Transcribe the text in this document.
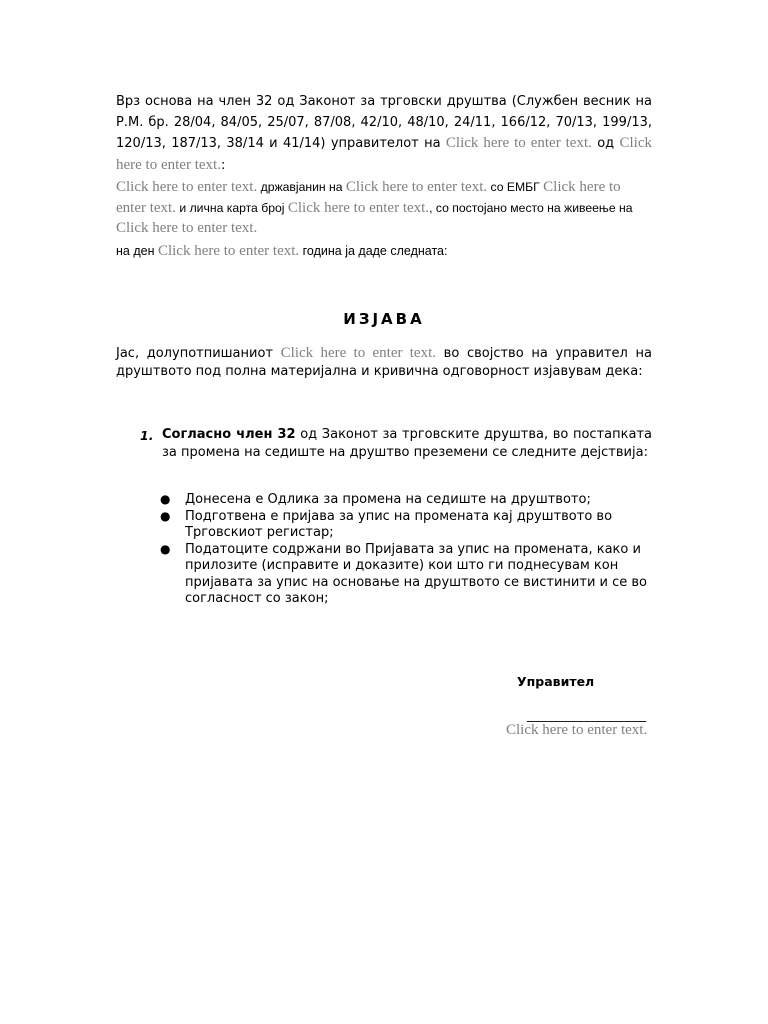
Врз основа на член 32 од Законот за трговски друштва (Службен весник на Р.М. бр. 28/04, 84/05, 25/07, 87/08, 42/10, 48/10, 24/11, 166/12, 70/13, 199/13, 120/13, 187/13, 38/14 и 41/14) управителот на Click here to enter text. од Click here to enter text.:
Click here to enter text. државјанин на Click here to enter text. со ЕМБГ Click here to enter text. и лична карта број Click here to enter text., со постојано место на живеење на Click here to enter text.
на ден Click here to enter text. година ја даде следната:
ИЗЈАВА
Јас, долупотпишаниот Click here to enter text. во својство на управител на друштвото под полна материјална и кривична одговорност изјавувам дека:
1. Согласно член 32 од Законот за трговските друштва, во постапката за промена на седиште на друштво преземени се следните дејствија:
● Донесена е Одлика за промена на седиште на друштвото;
● Подготвена е пријава за упис на промената кај друштвото во Трговскиот регистар;
● Податоците содржани во Пријавата за упис на промената, како и прилозите (исправите и доказите) кои што ги поднесувам кон пријавата за упис на основање на друштвото се вистинити и се во согласност со закон;
Управител
____________________
Click here to enter text.
